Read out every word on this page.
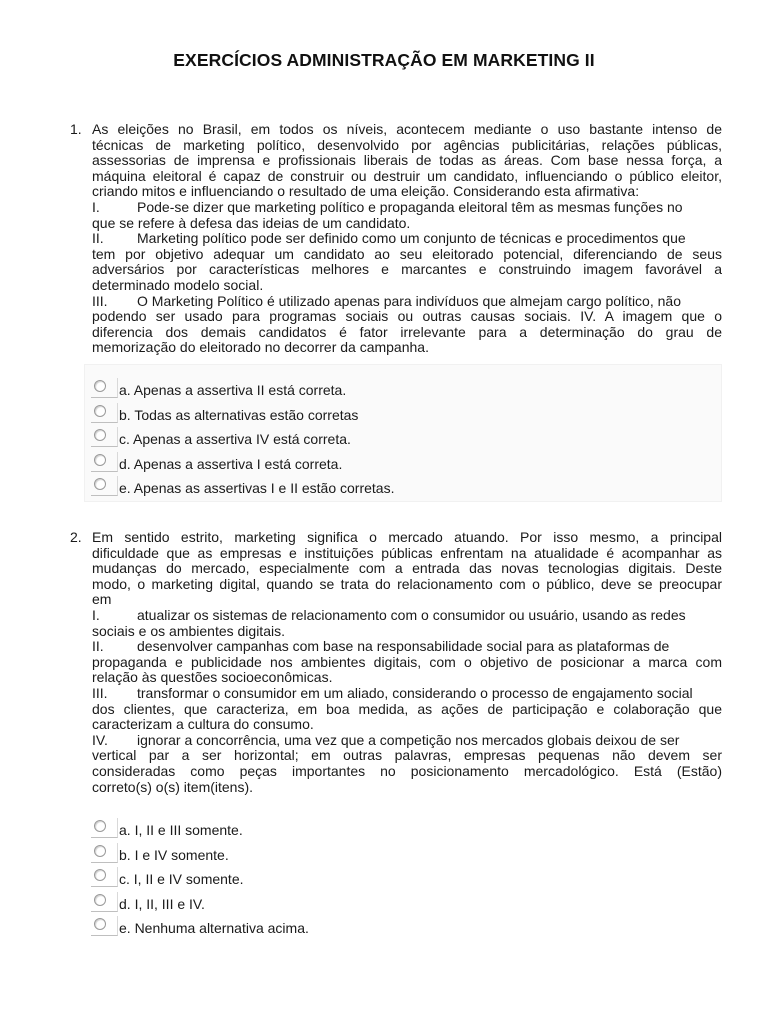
EXERCÍCIOS ADMINISTRAÇÃO EM MARKETING II
1. As eleições no Brasil, em todos os níveis, acontecem mediante o uso bastante intenso de
técnicas de marketing político, desenvolvido por agências publicitárias, relações públicas,
assessorias de imprensa e profissionais liberais de todas as áreas. Com base nessa força, a
máquina eleitoral é capaz de construir ou destruir um candidato, influenciando o público eleitor,
criando mitos e influenciando o resultado de uma eleição. Considerando esta afirmativa:
I.	Pode-se dizer que marketing político e propaganda eleitoral têm as mesmas funções no
que se refere à defesa das ideias de um candidato.
II. Marketing político pode ser definido como um conjunto de técnicas e procedimentos que
tem por objetivo adequar um candidato ao seu eleitorado potencial, diferenciando de seus
adversários por características melhores e marcantes e construindo imagem favorável a
determinado modelo social.
III. O Marketing Político é utilizado apenas para indivíduos que almejam cargo político, não
podendo ser usado para programas sociais ou outras causas sociais. IV. A imagem que o
diferencia dos demais candidatos é fator irrelevante para a determinação do grau de
memorização do eleitorado no decorrer da campanha.
a. Apenas a assertiva II está correta.
b. Todas as alternativas estão corretas
c. Apenas a assertiva IV está correta.
d. Apenas a assertiva I está correta.
e. Apenas as assertivas I e II estão corretas.
2. Em sentido estrito, marketing significa o mercado atuando. Por isso mesmo, a principal
dificuldade que as empresas e instituições públicas enfrentam na atualidade é acompanhar as
mudanças do mercado, especialmente com a entrada das novas tecnologias digitais. Deste
modo, o marketing digital, quando se trata do relacionamento com o público, deve se preocupar
em
I.	atualizar os sistemas de relacionamento com o consumidor ou usuário, usando as redes
sociais e os ambientes digitais.
II. desenvolver campanhas com base na responsabilidade social para as plataformas de
propaganda e publicidade nos ambientes digitais, com o objetivo de posicionar a marca com
relação às questões socioeconômicas.
III. transformar o consumidor em um aliado, considerando o processo de engajamento social
dos clientes, que caracteriza, em boa medida, as ações de participação e colaboração que
caracterizam a cultura do consumo.
IV. ignorar a concorrência, uma vez que a competição nos mercados globais deixou de ser
vertical par a ser horizontal; em outras palavras, empresas pequenas não devem ser
consideradas como peças importantes no posicionamento mercadológico. Está (Estão)
correto(s) o(s) item(itens).
a. I, II e III somente.
b. I e IV somente.
c. I, II e IV somente.
d. I, II, III e IV.
e. Nenhuma alternativa acima.
